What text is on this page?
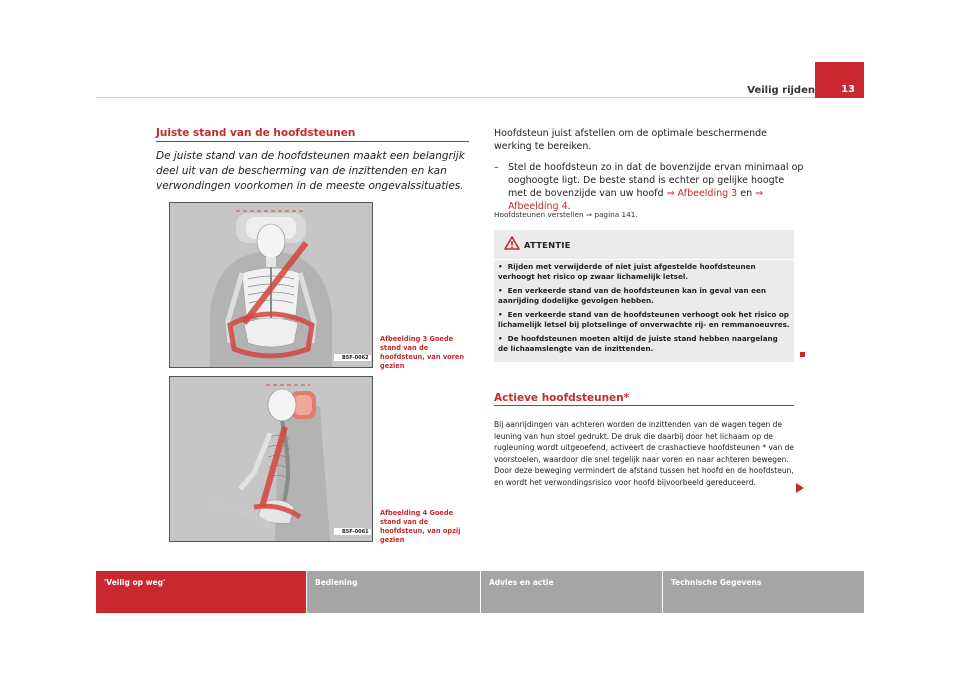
Veilig rijden	13
Juiste stand van de hoofdsteunen
De juiste stand van de hoofdsteunen maakt een belangrijk deel uit van de bescherming van de inzittenden en kan verwondingen voorkomen in de meeste ongevalssituaties.
B5F-0062
Afbeelding 3 Goede stand van de hoofdsteun, van voren gezien
B5F-0061
Afbeelding 4 Goede stand van de hoofdsteun, van opzij gezien
Hoofdsteun juist afstellen om de optimale beschermende werking te bereiken.
– Stel de hoofdsteun zo in dat de bovenzijde ervan minimaal op ooghoogte ligt. De beste stand is echter op gelijke hoogte met de bovenzijde van uw hoofd ⇒ Afbeelding 3 en ⇒ Afbeelding 4.
Hoofdsteunen verstellen ⇒ pagina 141.
ATTENTIE
•  Rijden met verwijderde of niet juist afgestelde hoofdsteunen verhoogt het risico op zwaar lichamelijk letsel.
•  Een verkeerde stand van de hoofdsteunen kan in geval van een aanrijding dodelijke gevolgen hebben.
•  Een verkeerde stand van de hoofdsteunen verhoogt ook het risico op lichamelijk letsel bij plotselinge of onverwachte rij- en remmanoeuvres.
•  De hoofdsteunen moeten altijd de juiste stand hebben naargelang de lichaamslengte van de inzittenden.
Actieve hoofdsteunen*
Bij aanrijdingen van achteren worden de inzittenden van de wagen tegen de leuning van hun stoel gedrukt. De druk die daarbij door het lichaam op de rugleuning wordt uitgeoefend, activeert de crashactieve hoofdsteunen * van de voorstoelen, waardoor die snel tegelijk naar voren en naar achteren bewegen. Door deze beweging vermindert de afstand tussen het hoofd en de hoofdsteun, en wordt het verwondingsrisico voor hoofd bijvoorbeeld gereduceerd.
'Veilig op weg'	Bediening	Advies en actie	Technische Gegevens
